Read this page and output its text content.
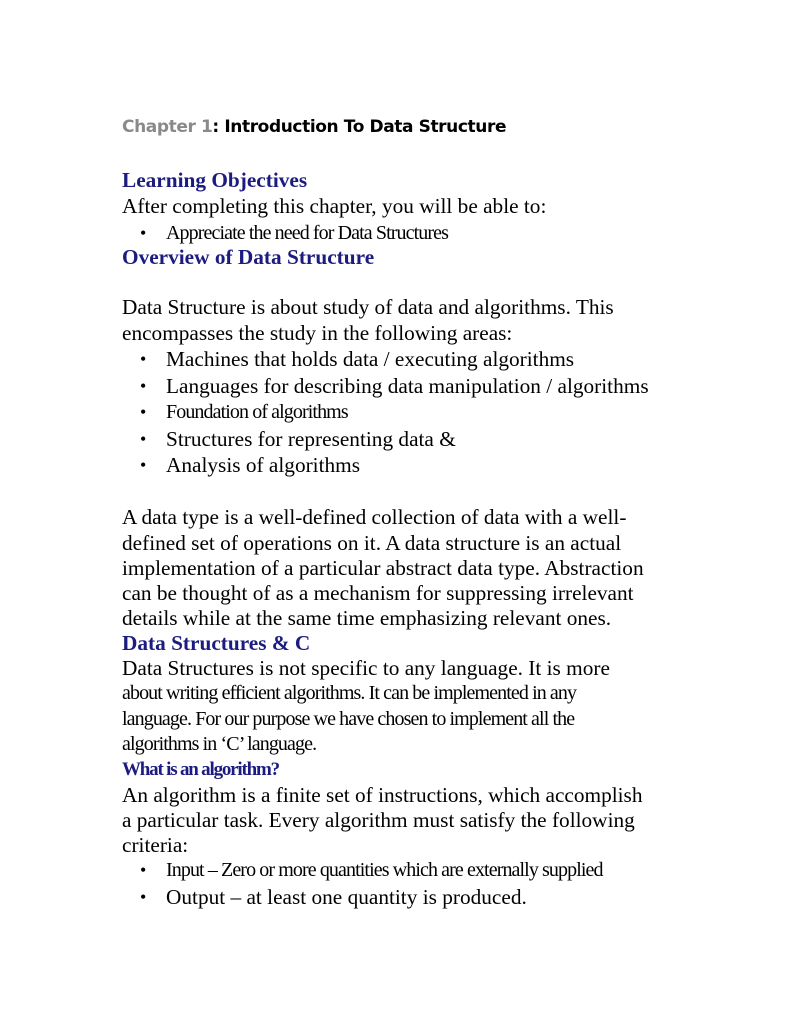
Chapter 1: Introduction To Data Structure
Learning Objectives
After completing this chapter, you will be able to:
• Appreciate the need for Data Structures
Overview of Data Structure
Data Structure is about study of data and algorithms. This
encompasses the study in the following areas:
• Machines that holds data / executing algorithms
• Languages for describing data manipulation / algorithms
• Foundation of algorithms
• Structures for representing data &
• Analysis of algorithms
A data type is a well-defined collection of data with a well-
defined set of operations on it. A data structure is an actual
implementation of a particular abstract data type. Abstraction
can be thought of as a mechanism for suppressing irrelevant
details while at the same time emphasizing relevant ones.
Data Structures & C
Data Structures is not specific to any language. It is more
about writing efficient algorithms. It can be implemented in any
language. For our purpose we have chosen to implement all the
algorithms in ‘C’ language.
What is an algorithm?
An algorithm is a finite set of instructions, which accomplish
a particular task. Every algorithm must satisfy the following
criteria:
• Input – Zero or more quantities which are externally supplied
• Output – at least one quantity is produced.
